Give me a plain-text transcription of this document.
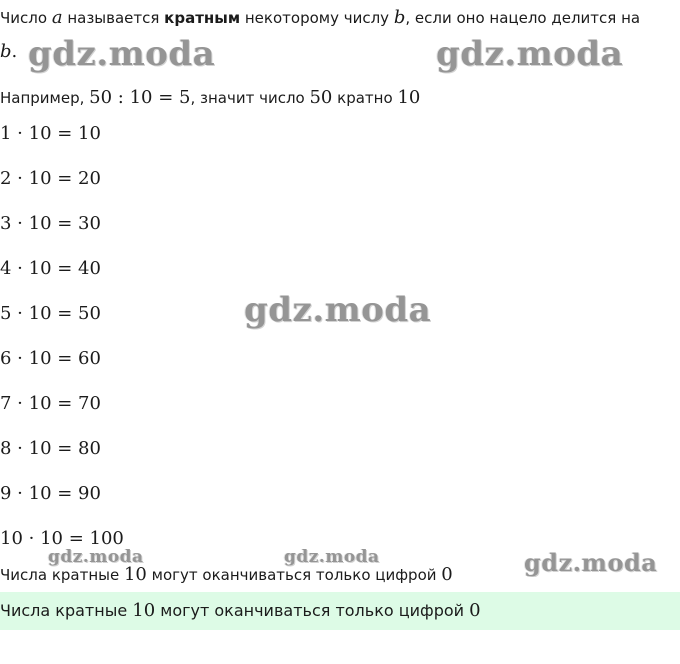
Число a называется кратным некоторому числу b, если оно нацело делится на
b.
Например, 50 : 10 = 5, значит число 50 кратно 10
1 · 10 = 10
2 · 10 = 20
3 · 10 = 30
4 · 10 = 40
5 · 10 = 50
6 · 10 = 60
7 · 10 = 70
8 · 10 = 80
9 · 10 = 90
10 · 10 = 100
Числа кратные 10 могут оканчиваться только цифрой 0
Числа кратные 10 могут оканчиваться только цифрой 0
gdz.moda	gdz.moda
gdz.moda
gdz.moda	gdz.moda	gdz.moda
